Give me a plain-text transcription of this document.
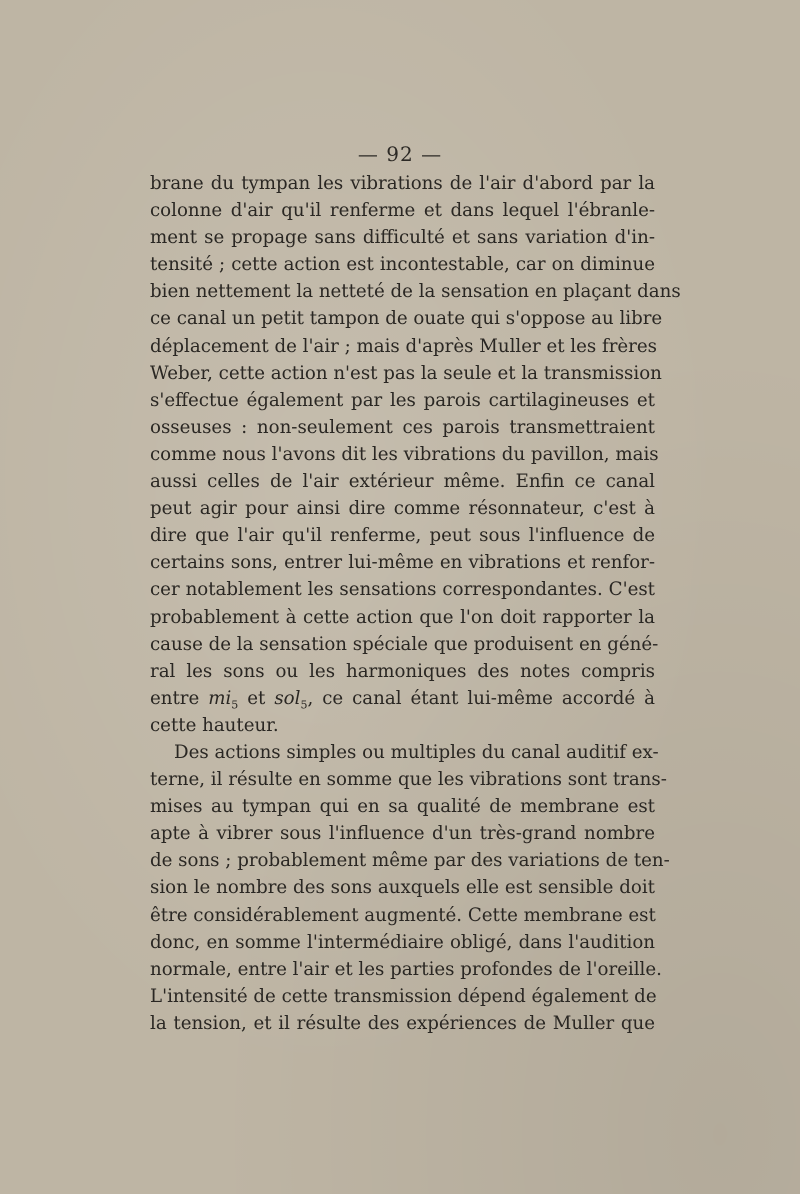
— 92 —
brane du tympan les vibrations de l'air d'abord par la
colonne d'air qu'il renferme et dans lequel l'ébranle-
ment se propage sans difficulté et sans variation d'in-
tensité ; cette action est incontestable, car on diminue
bien nettement la netteté de la sensation en plaçant dans
ce canal un petit tampon de ouate qui s'oppose au libre
déplacement de l'air ; mais d'après Muller et les frères
Weber, cette action n'est pas la seule et la transmission
s'effectue également par les parois cartilagineuses et
osseuses : non-seulement ces parois transmettraient
comme nous l'avons dit les vibrations du pavillon, mais
aussi celles de l'air extérieur même. Enfin ce canal
peut agir pour ainsi dire comme résonnateur, c'est à
dire que l'air qu'il renferme, peut sous l'influence de
certains sons, entrer lui-même en vibrations et renfor-
cer notablement les sensations correspondantes. C'est
probablement à cette action que l'on doit rapporter la
cause de la sensation spéciale que produisent en géné-
ral les sons ou les harmoniques des notes compris
entre $mi_5$ et sol$_5$, ce canal étant lui-même accordé à
cette hauteur.
Des actions simples ou multiples du canal auditif ex-
terne, il résulte en somme que les vibrations sont trans-
mises au tympan qui en sa qualité de membrane est
apte à vibrer sous l'influence d'un très-grand nombre
de sons ; probablement même par des variations de ten-
sion le nombre des sons auxquels elle est sensible doit
être considérablement augmenté. Cette membrane est
donc, en somme l'intermédiaire obligé, dans l'audition
normale, entre l'air et les parties profondes de l'oreille.
L'intensité de cette transmission dépend également de
la tension, et il résulte des expériences de Muller que
